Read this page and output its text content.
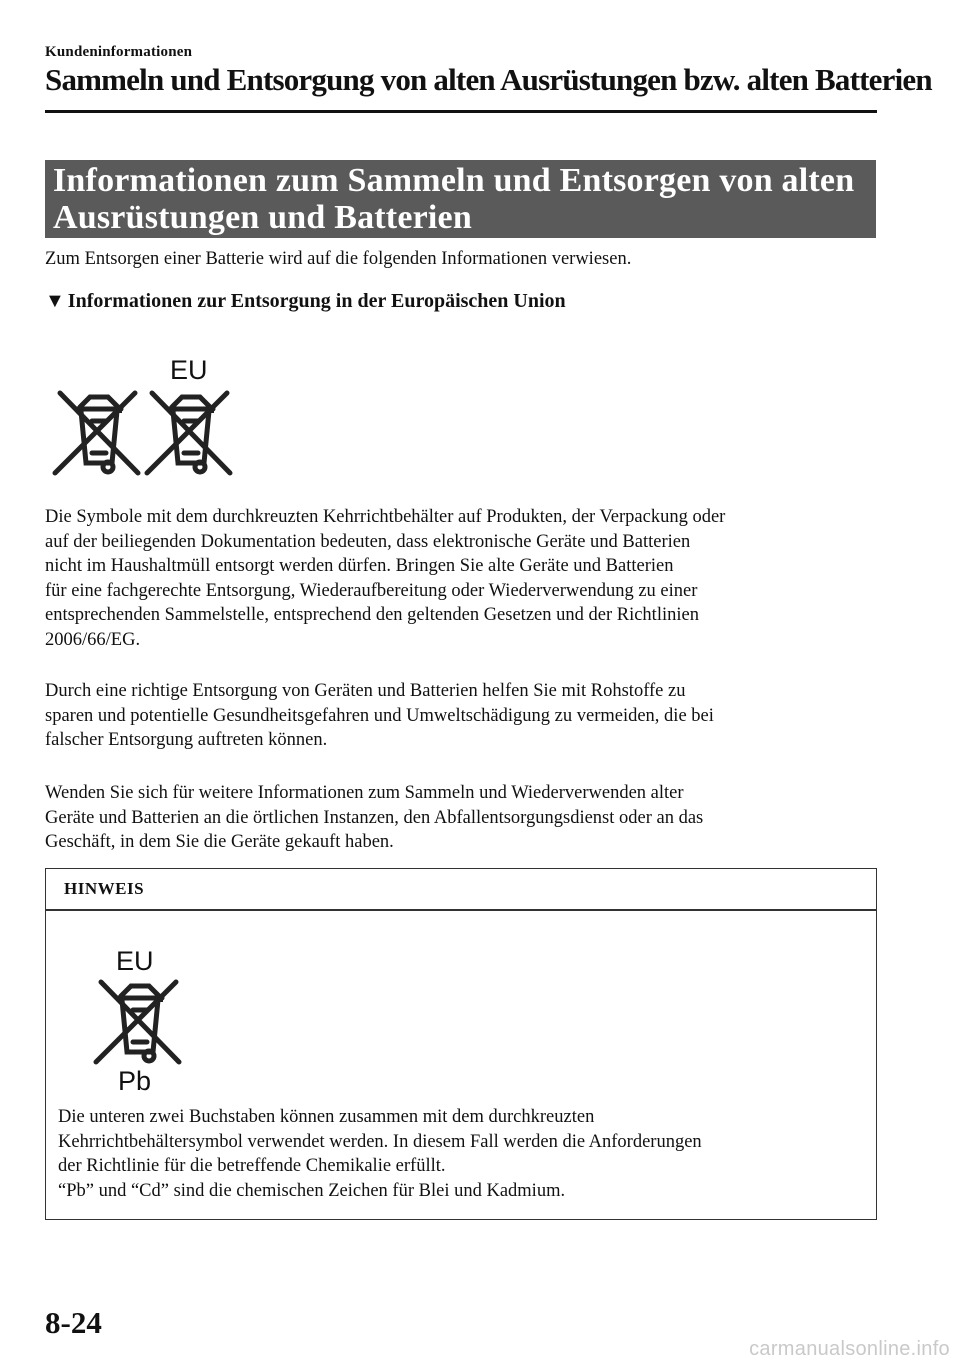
Kundeninformationen
Sammeln und Entsorgung von alten Ausrüstungen bzw. alten Batterien
Informationen zum Sammeln und Entsorgen von alten
Ausrüstungen und Batterien
Zum Entsorgen einer Batterie wird auf die folgenden Informationen verwiesen.
▼ Informationen zur Entsorgung in der Europäischen Union
EU
Die Symbole mit dem durchkreuzten Kehrrichtbehälter auf Produkten, der Verpackung oder
auf der beiliegenden Dokumentation bedeuten, dass elektronische Geräte und Batterien
nicht im Haushaltmüll entsorgt werden dürfen. Bringen Sie alte Geräte und Batterien
für eine fachgerechte Entsorgung, Wiederaufbereitung oder Wiederverwendung zu einer
entsprechenden Sammelstelle, entsprechend den geltenden Gesetzen und der Richtlinien
2006/66/EG.
Durch eine richtige Entsorgung von Geräten und Batterien helfen Sie mit Rohstoffe zu
sparen und potentielle Gesundheitsgefahren und Umweltschädigung zu vermeiden, die bei
falscher Entsorgung auftreten können.
Wenden Sie sich für weitere Informationen zum Sammeln und Wiederverwenden alter
Geräte und Batterien an die örtlichen Instanzen, den Abfallentsorgungsdienst oder an das
Geschäft, in dem Sie die Geräte gekauft haben.
HINWEIS
EU
Pb
Die unteren zwei Buchstaben können zusammen mit dem durchkreuzten
Kehrrichtbehältersymbol verwendet werden. In diesem Fall werden die Anforderungen
der Richtlinie für die betreffende Chemikalie erfüllt.
“Pb” und “Cd” sind die chemischen Zeichen für Blei und Kadmium.
8-24
carmanualsonline.info
